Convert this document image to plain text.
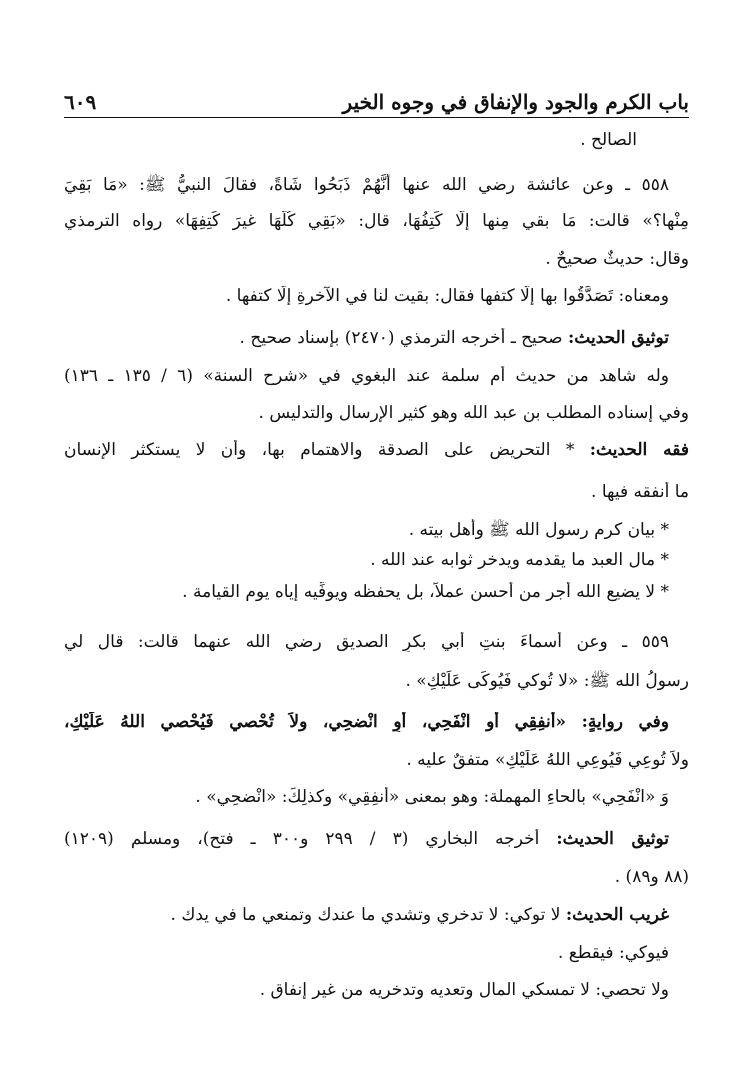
باب الكرم والجود والإنفاق في وجوه الخير
٦٠٩
الصالح .
٥٥٨ ـ وعن عائشة رضي الله عنها أَنَّهُمْ ذَبَحُوا شَاةً، فقالَ النبيُّ ﷺ: «مَا بَقِيَ
مِنْها؟» قالت: مَا بقي مِنها إلَّا كَتِفُهَا، قال: «بَقِي كُلُّهَا غيرَ كَتِفِهَا» رواه الترمذي
وقال: حديثٌ صحيحٌ .
ومعناه: تَصَدَّقُوا بها إلَّا كتفها فقال: بقيت لنا في الآخرةِ إلَّا كتفها .
توثيق الحديث: صحيح ـ أخرجه الترمذي (٢٤٧٠) بإسناد صحيح .
وله شاهد من حديث أم سلمة عند البغوي في «شرح السنة» (٦ / ١٣٥ ـ ١٣٦)
وفي إسناده المطلب بن عبد الله وهو كثير الإرسال والتدليس .
فقه الحديث: * التحريض على الصدقة والاهتمام بها، وأن لا يستكثر الإنسان
ما أنفقه فيها .
* بيان كرم رسول الله ﷺ وأهل بيته .
* مال العبد ما يقدمه ويدخر ثوابه عند الله .
* لا يضيع الله أجر من أحسن عملاً، بل يحفظه ويوفِّيه إياه يوم القيامة .
٥٥٩ ـ وعن أسماءَ بنتِ أبي بكرٍ الصديق رضي الله عنهما قالت: قال لي
رسولُ الله ﷺ: «لا تُوكي فَيُوكَى عَلَيْكِ» .
وفي روايةٍ: «أَنفِقِي أو انْفَحِي، أوِ انْضحِي، ولاَ تُحْصي فَيُحْصي اللهُ عَلَيْكِ،
ولاَ تُوعِي فَيُوعِي اللهُ عَلَيْكِ» متفقٌ عليه .
وَ «انْفَحِي» بالحاءِ المهملة: وهو بمعنى «أَنفِقِي» وكذلِكَ: «انْضحِي» .
توثيق الحديث: أخرجه البخاري (٣ / ٢٩٩ و٣٠٠ ـ فتح)، ومسلم (١٢٠٩)
(٨٨ و٨٩) .
غريب الحديث: لا توكي: لا تدخري وتشدي ما عندك وتمنعي ما في يدك .
فيوكي: فيقطع .
ولا تحصي: لا تمسكي المال وتعديه وتدخريه من غير إنفاق .
